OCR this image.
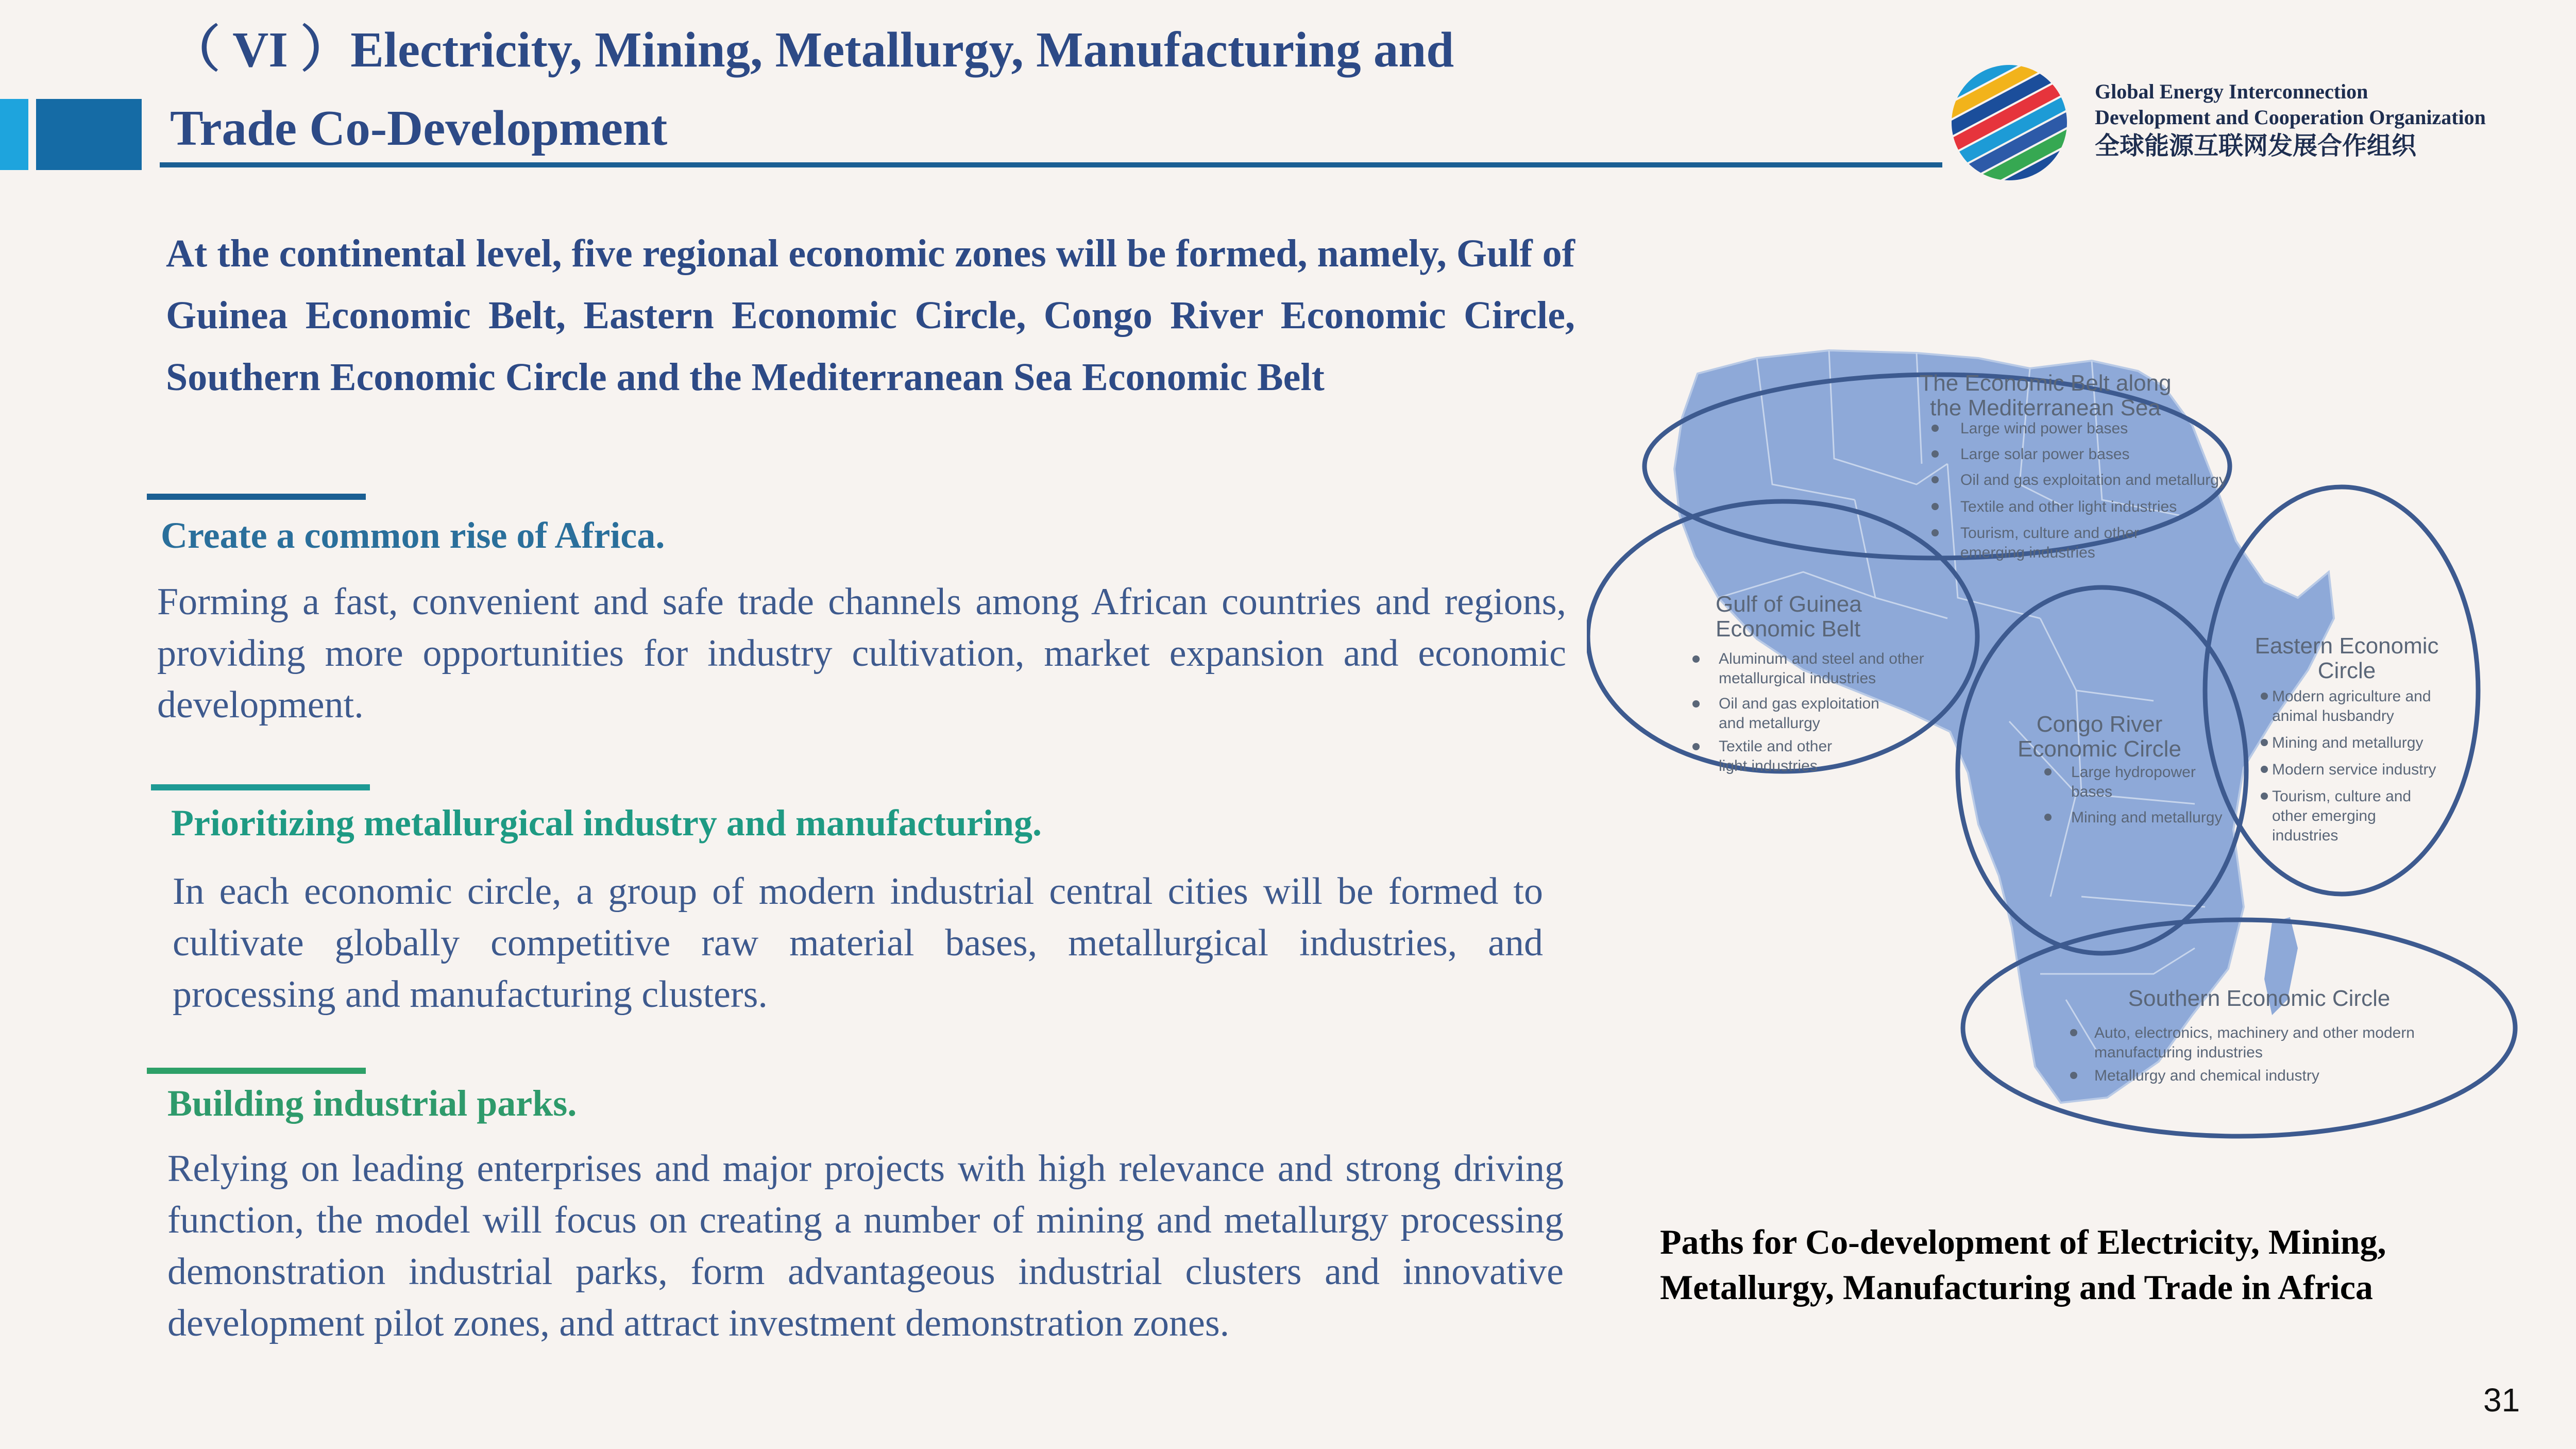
（ VI ）Electricity, Mining, Metallurgy, Manufacturing and
Trade Co-Development
Global Energy Interconnection
Development and Cooperation Organization
全球能源互联网发展合作组织

At the continental level, five regional economic zones will be formed, namely, Gulf of Guinea Economic Belt, Eastern Economic Circle, Congo River Economic Circle, Southern Economic Circle and the Mediterranean Sea Economic Belt

Create a common rise of Africa.

Forming a fast, convenient and safe trade channels among African countries and regions, providing more opportunities for industry cultivation, market expansion and economic development.

Prioritizing metallurgical industry and manufacturing.

In each economic circle, a group of modern industrial central cities will be formed to cultivate globally competitive raw material bases, metallurgical industries, and processing and manufacturing clusters.

Building industrial parks.

Relying on leading enterprises and major projects with high relevance and strong driving function, the model will focus on creating a number of mining and metallurgy processing demonstration industrial parks, form advantageous industrial clusters and innovative development pilot zones, and attract investment demonstration zones.

The Economic Belt along
the Mediterranean Sea
Large wind power bases
Large solar power bases
Oil and gas exploitation and metallurgy
Textile and other light industries
Tourism, culture and other
emerging industries
Gulf of Guinea
Economic Belt
Aluminum and steel and other
metallurgical industries
Oil and gas exploitation
and metallurgy
Textile and other
light industries
Congo River
Economic Circle
Large hydropower
bases
Mining and metallurgy
Eastern Economic
Circle
Modern agriculture and
animal husbandry
Mining and metallurgy
Modern service industry
Tourism, culture and
other emerging
industries
Southern Economic Circle
Auto, electronics, machinery and other modern
manufacturing industries
Metallurgy and chemical industry

Paths for Co-development of Electricity, Mining,

Metallurgy, Manufacturing and Trade in Africa

31
